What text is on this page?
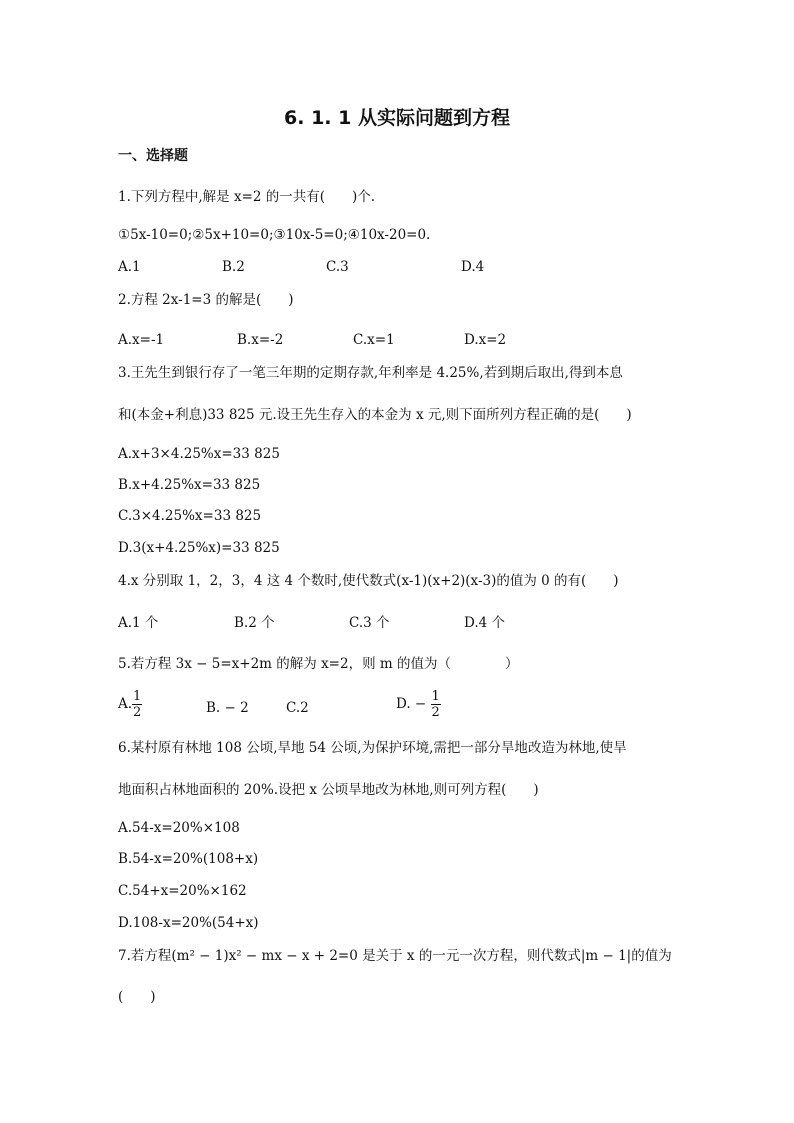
6. 1. 1 从实际问题到方程
一、选择题
1.下列方程中,解是 x=2 的一共有(　　)个.
①5x-10=0;②5x+10=0;③10x-5=0;④10x-20=0.
A.1	B.2	C.3	D.4
2.方程 2x-1=3 的解是(　　)
A.x=-1	B.x=-2	C.x=1	D.x=2
3.王先生到银行存了一笔三年期的定期存款,年利率是 4.25%,若到期后取出,得到本息
和(本金+利息)33 825 元.设王先生存入的本金为 x 元,则下面所列方程正确的是(　　)
A.x+3×4.25%x=33 825
B.x+4.25%x=33 825
C.3×4.25%x=33 825
D.3(x+4.25%x)=33 825
4.x 分别取 1，2，3，4 这 4 个数时,使代数式(x-1)(x+2)(x-3)的值为 0 的有(　　)
A.1 个	B.2 个	C.3 个	D.4 个
5.若方程 3x − 5=x+2m 的解为 x=2，则 m 的值为（　　　　）
A. $\frac{1}{2}$	B. − 2	C.2	D. − $\frac{1}{2}$
6.某村原有林地 108 公顷,旱地 54 公顷,为保护环境,需把一部分旱地改造为林地,使旱
地面积占林地面积的 20%.设把 x 公顷旱地改为林地,则可列方程(　　)
A.54-x=20%×108
B.54-x=20%(108+x)
C.54+x=20%×162
D.108-x=20%(54+x)
7.若方程(m² − 1)x² − mx − x + 2=0 是关于 x 的一元一次方程，则代数式|m − 1|的值为
(　　)
